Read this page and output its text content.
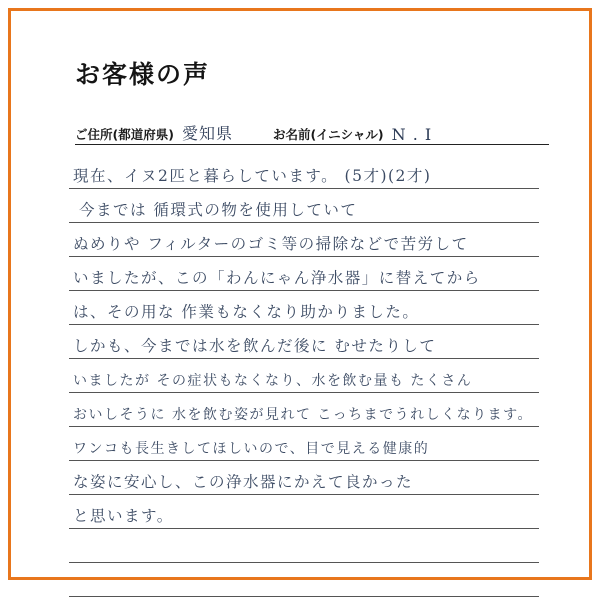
お客様の声
ご住所(都道府県) 愛知県	お名前(イニシャル) N . I
現在、イヌ2匹と暮らしています。 (5才)(2才)
今までは 循環式の物を使用していて
ぬめりや フィルターのゴミ等の掃除などで苦労して
いましたが、この「わんにゃん浄水器」に替えてから
は、その用な 作業もなくなり助かりました。
しかも、今までは水を飲んだ後に むせたりして
いましたが その症状もなくなり、水を飲む量も たくさん
おいしそうに 水を飲む姿が見れて こっちまでうれしくなります。
ワンコも長生きしてほしいので、目で見える健康的
な姿に安心し、この浄水器にかえて良かった
と思います。
